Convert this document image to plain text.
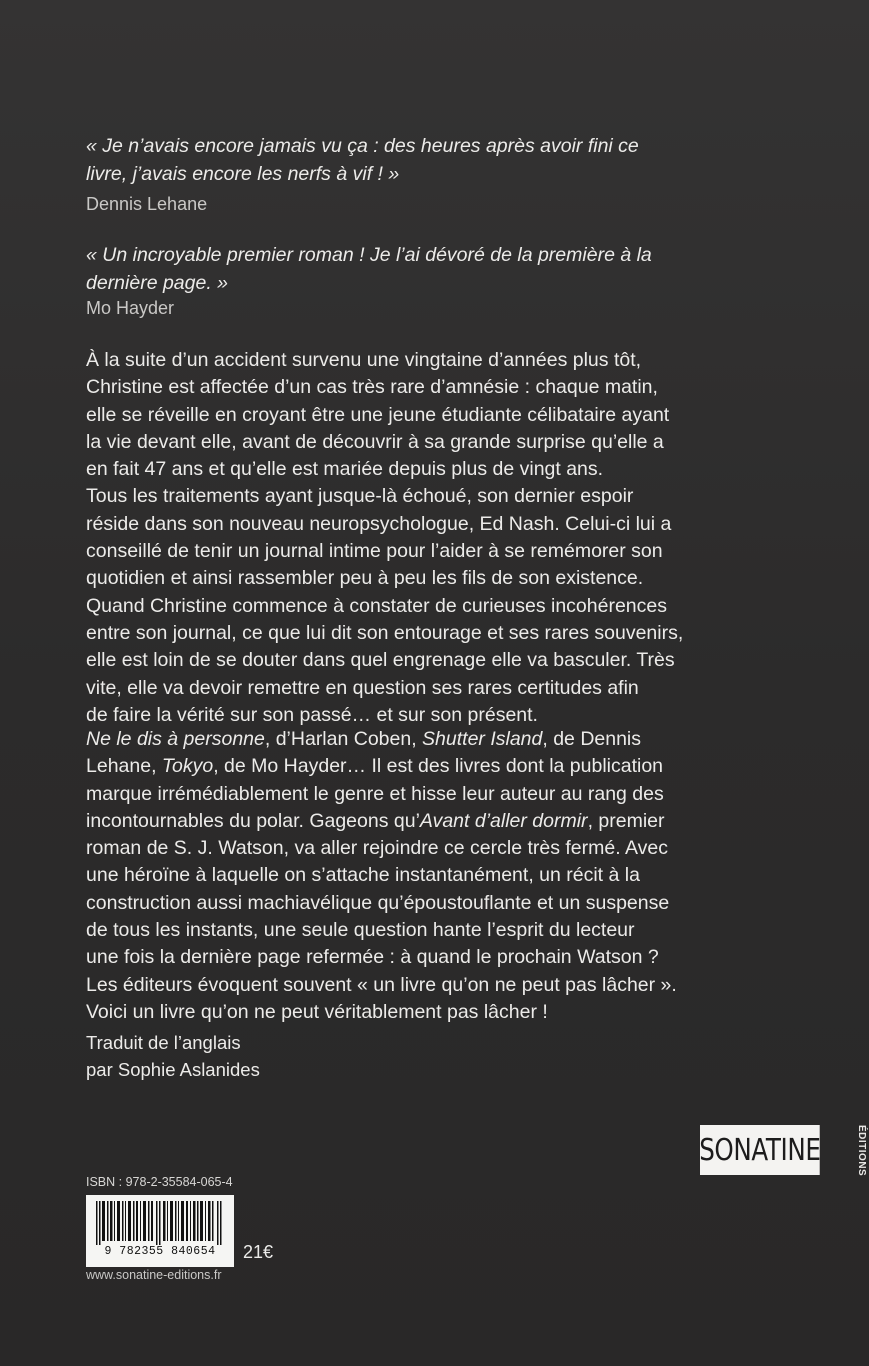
« Je n’avais encore jamais vu ça : des heures après avoir fini ce

livre, j’avais encore les nerfs à vif ! »

Dennis Lehane

« Un incroyable premier roman ! Je l’ai dévoré de la première à la

dernière page. »

Mo Hayder

À la suite d’un accident survenu une vingtaine d’années plus tôt,

Christine est affectée d’un cas très rare d’amnésie : chaque matin,

elle se réveille en croyant être une jeune étudiante célibataire ayant

la vie devant elle, avant de découvrir à sa grande surprise qu’elle a

en fait 47 ans et qu’elle est mariée depuis plus de vingt ans.

Tous les traitements ayant jusque-là échoué, son dernier espoir

réside dans son nouveau neuropsychologue, Ed Nash. Celui-ci lui a

conseillé de tenir un journal intime pour l’aider à se remémorer son

quotidien et ainsi rassembler peu à peu les fils de son existence.

Quand Christine commence à constater de curieuses incohérences

entre son journal, ce que lui dit son entourage et ses rares souvenirs,

elle est loin de se douter dans quel engrenage elle va basculer. Très

vite, elle va devoir remettre en question ses rares certitudes afin

de faire la vérité sur son passé… et sur son présent.

Ne le dis à personne, d’Harlan Coben, Shutter Island, de Dennis

Lehane, Tokyo, de Mo Hayder… Il est des livres dont la publication

marque irrémédiablement le genre et hisse leur auteur au rang des

incontournables du polar. Gageons qu’Avant d’aller dormir, premier

roman de S. J. Watson, va aller rejoindre ce cercle très fermé. Avec

une héroïne à laquelle on s’attache instantanément, un récit à la

construction aussi machiavélique qu’époustouflante et un suspense

de tous les instants, une seule question hante l’esprit du lecteur

une fois la dernière page refermée : à quand le prochain Watson ?

Les éditeurs évoquent souvent « un livre qu’on ne peut pas lâcher ».

Voici un livre qu’on ne peut véritablement pas lâcher !

Traduit de l’anglais

par Sophie Aslanides

SONATINE	ÉDITIONS
ISBN : 978-2-35584-065-4
9 782355 840654	21€
www.sonatine-editions.fr
